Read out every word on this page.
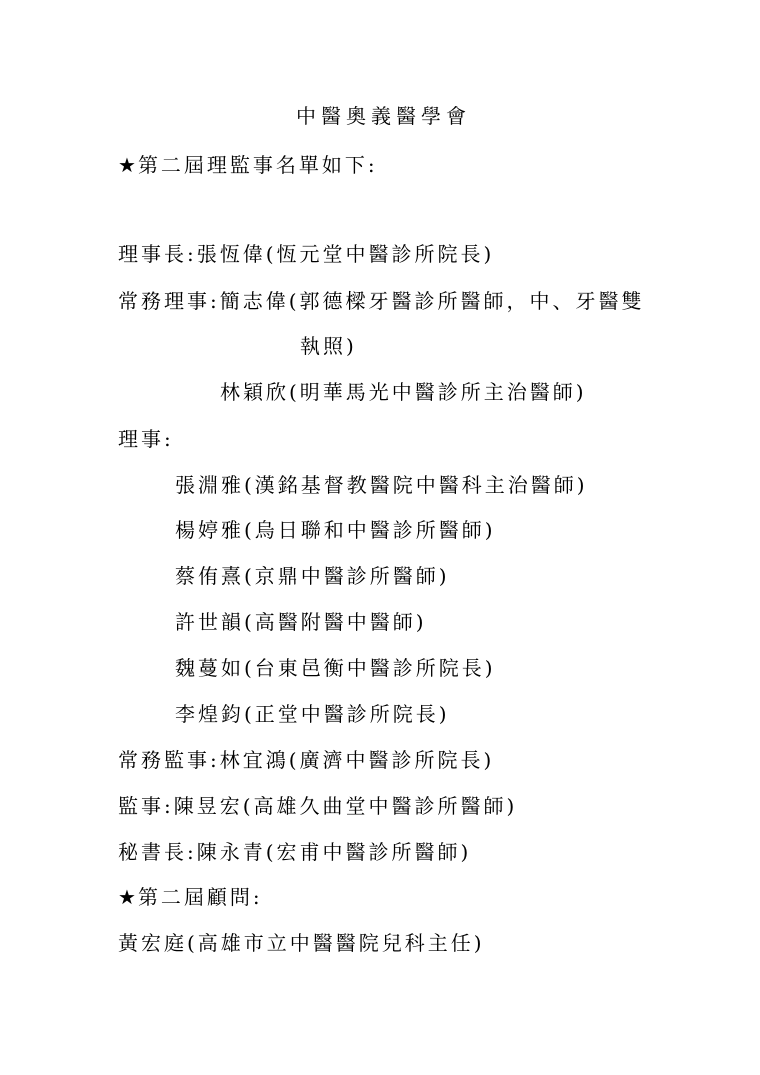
中醫奧義醫學會
★ 第二屆理監事名單如下:
理事長:張恆偉(恆元堂中醫診所院長)
常務理事:簡志偉(郭德樑牙醫診所醫師，中、牙醫雙
執照)
林穎欣(明華馬光中醫診所主治醫師)
理事:
張淵雅(漢銘基督教醫院中醫科主治醫師)
楊婷雅(烏日聯和中醫診所醫師)
蔡侑熹(京鼎中醫診所醫師)
許世韻(高醫附醫中醫師)
魏蔓如(台東邑衡中醫診所院長)
李煌鈞(正堂中醫診所院長)
常務監事:林宜鴻(廣濟中醫診所院長)
監事:陳昱宏(高雄久曲堂中醫診所醫師)
秘書長:陳永青(宏甫中醫診所醫師)
★ 第二屆顧問:
黃宏庭(高雄市立中醫醫院兒科主任)
